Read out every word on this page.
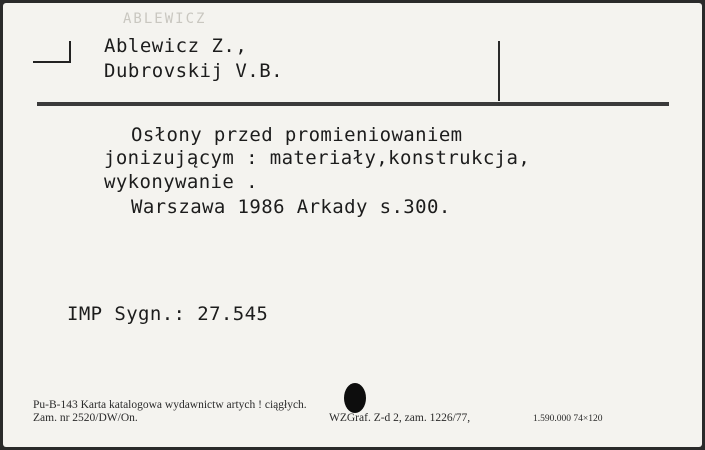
ABLEWICZ
Ablewicz Z.,
Dubrovskij V.B.
Osłony przed promieniowaniem
jonizującym : materiały,konstrukcja,
wykonywanie .
Warszawa 1986 Arkady s.300.
IMP Sygn.: 27.545
Pu-B-143 Karta katalogowa wydawnictw artych ! ciągłych.
Zam. nr 2520/DW/On.	WZGraf. Z-d 2, zam. 1226/77,	1.590.000 74×120
